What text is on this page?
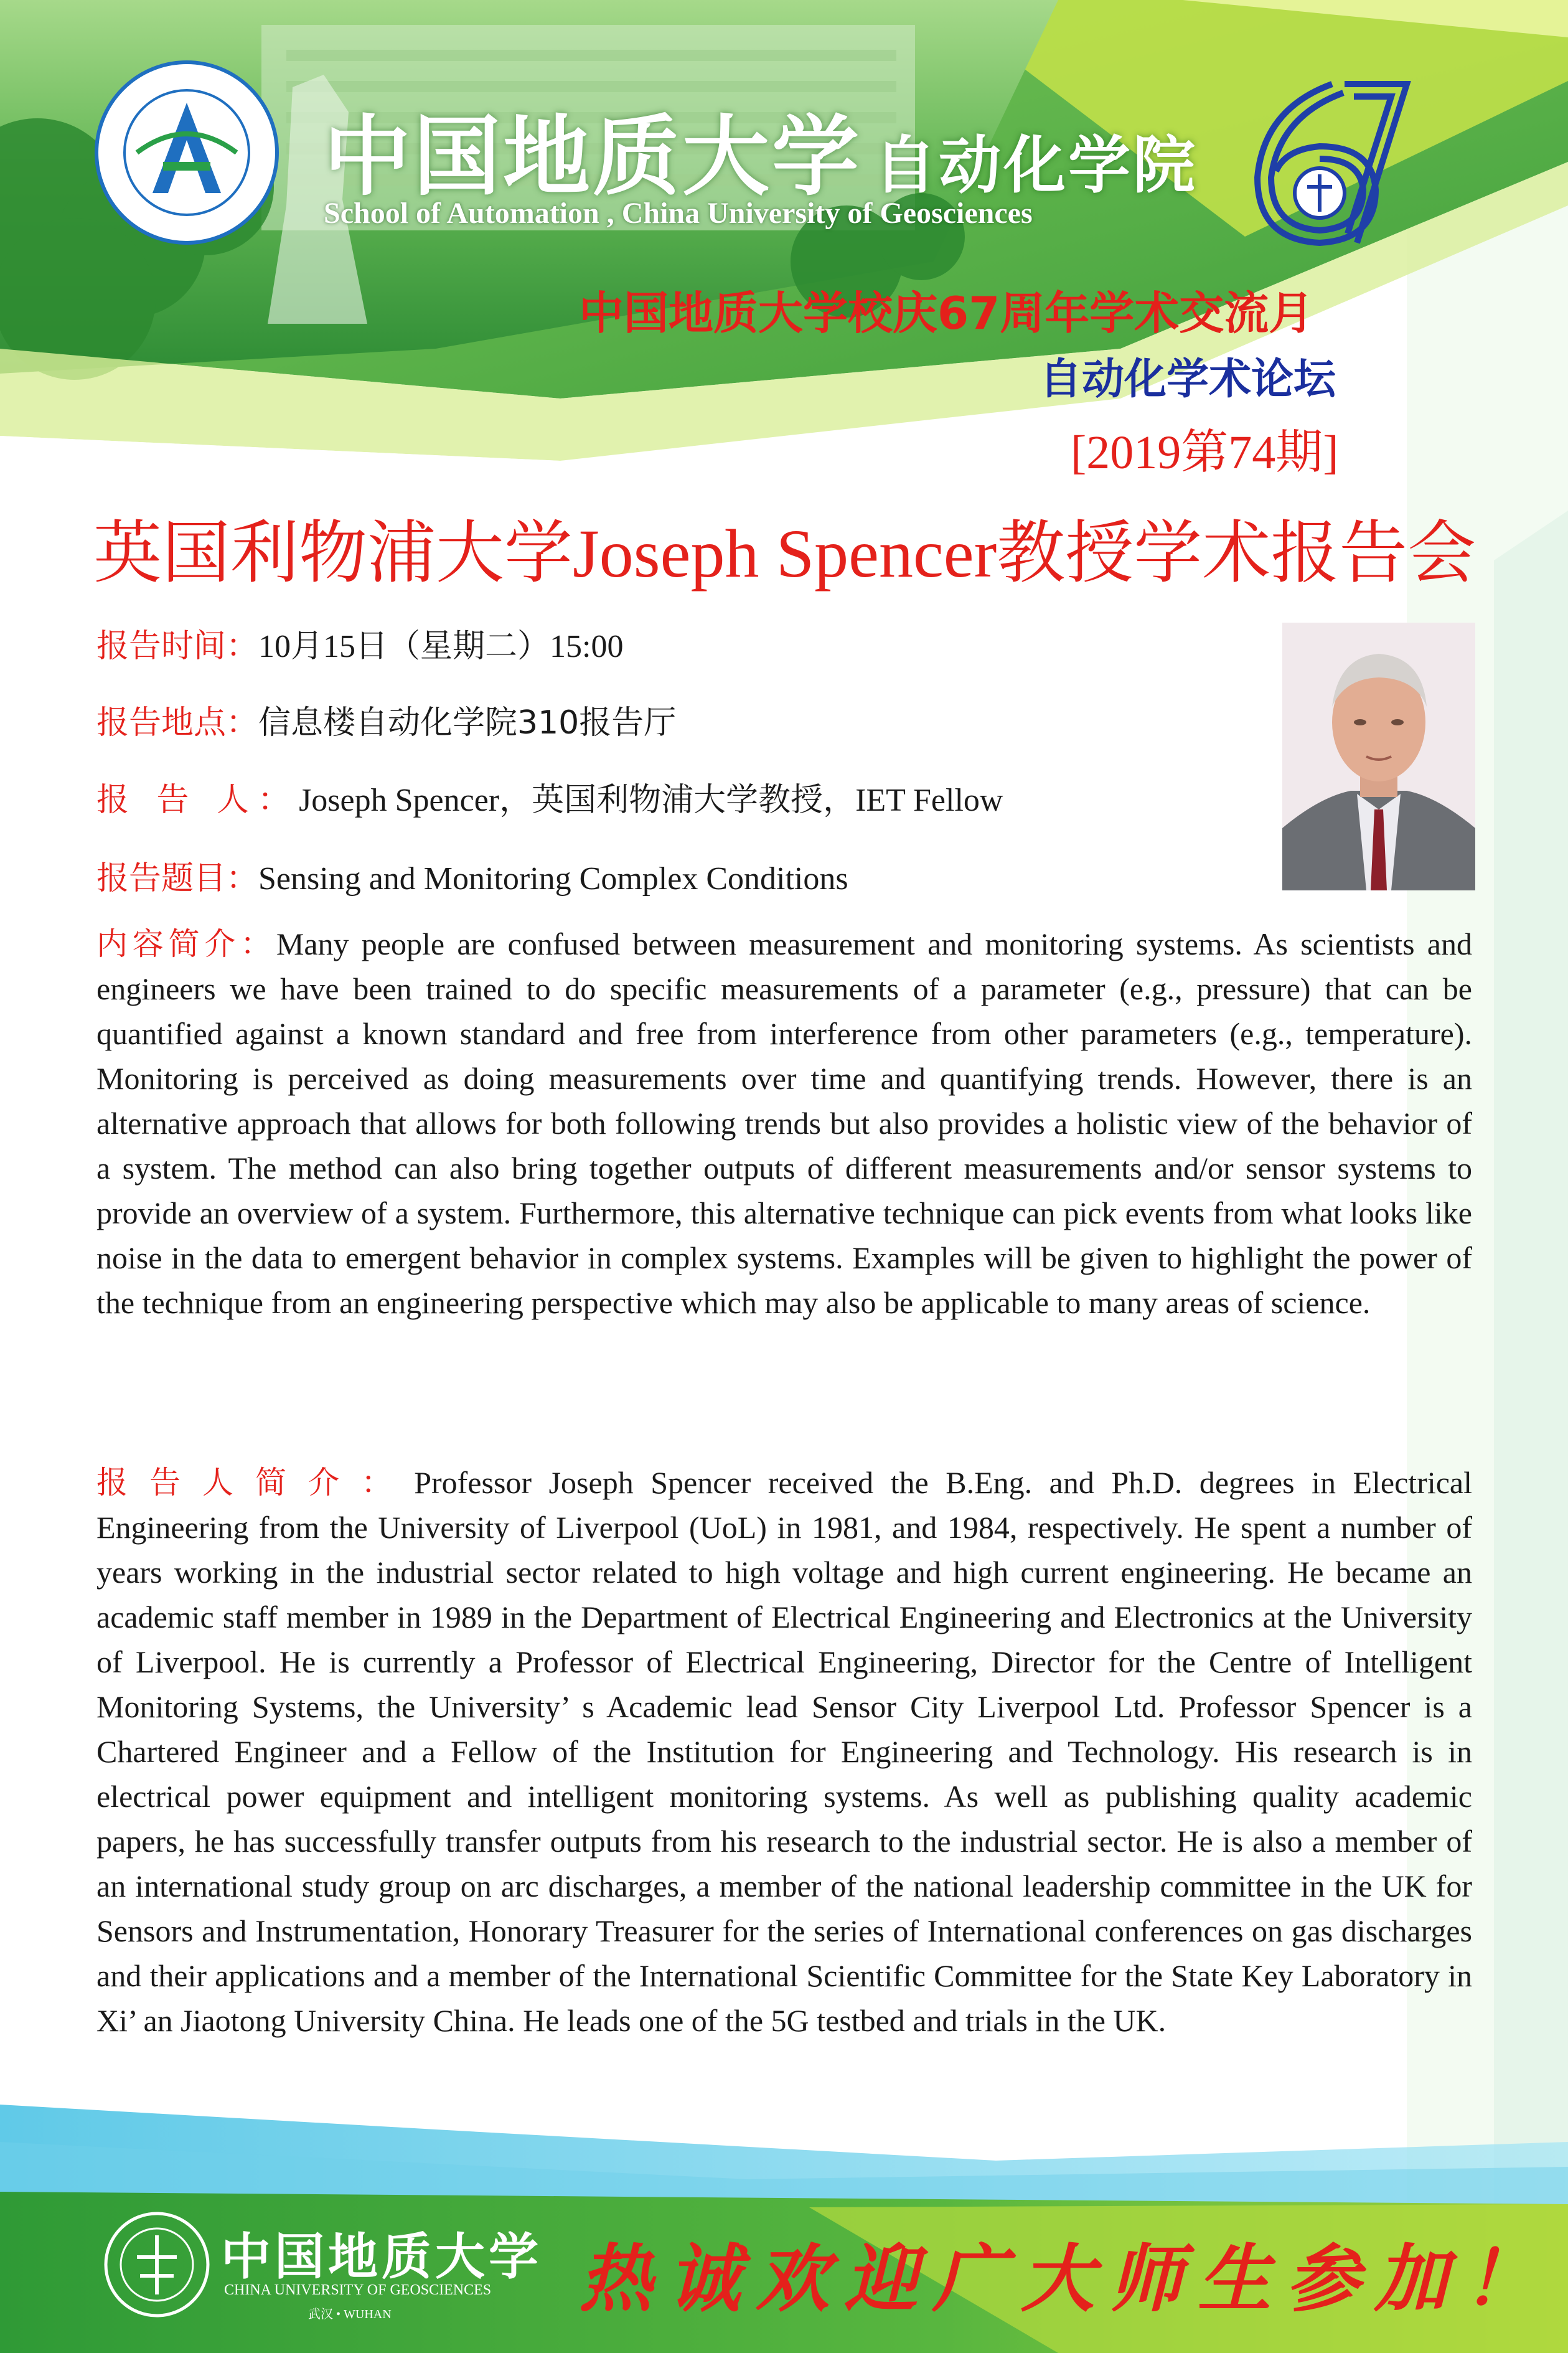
中国地质大学 自动化学院
School of Automation , China University of Geosciences
中国地质大学校庆67周年学术交流月
自动化学术论坛
[2019第74期]
英国利物浦大学Joseph Spencer教授学术报告会
报告时间：10月15日（星期二）15:00
报告地点：信息楼自动化学院310报告厅
报 告 人：Joseph Spencer，英国利物浦大学教授，IET Fellow
报告题目：Sensing and Monitoring Complex Conditions
内容简介：Many people are confused between measurement and monitoring systems. As scientists and engineers we have been trained to do specific measurements of a parameter (e.g., pressure) that can be quantified against a known standard and free from interference from other parameters (e.g., temperature). Monitoring is perceived as doing measurements over time and quantifying trends. However, there is an alternative approach that allows for both following trends but also provides a holistic view of the behavior of a system. The method can also bring together outputs of different measurements and/or sensor systems to provide an overview of a system. Furthermore, this alternative technique can pick events from what looks like noise in the data to emergent behavior in complex systems. Examples will be given to highlight the power of the technique from an engineering perspective which may also be applicable to many areas of science.
报告人简介：Professor Joseph Spencer received the B.Eng. and Ph.D. degrees in Electrical Engineering from the University of Liverpool (UoL) in 1981, and 1984, respectively. He spent a number of years working in the industrial sector related to high voltage and high current engineering. He became an academic staff member in 1989 in the Department of Electrical Engineering and Electronics at the University of Liverpool. He is currently a Professor of Electrical Engineering, Director for the Centre of Intelligent Monitoring Systems, the University’ s Academic lead Sensor City Liverpool Ltd. Professor Spencer is a Chartered Engineer and a Fellow of the Institution for Engineering and Technology. His research is in electrical power equipment and intelligent monitoring systems. As well as publishing quality academic papers, he has successfully transfer outputs from his research to the industrial sector. He is also a member of an international study group on arc discharges, a member of the national leadership committee in the UK for Sensors and Instrumentation, Honorary Treasurer for the series of International conferences on gas discharges and their applications and a member of the International Scientific Committee for the State Key Laboratory in Xi’ an Jiaotong University China. He leads one of the 5G testbed and trials in the UK.
中国地质大学
CHINA UNIVERSITY OF GEOSCIENCES
武汉 • WUHAN	热诚欢迎广大师生参加！
